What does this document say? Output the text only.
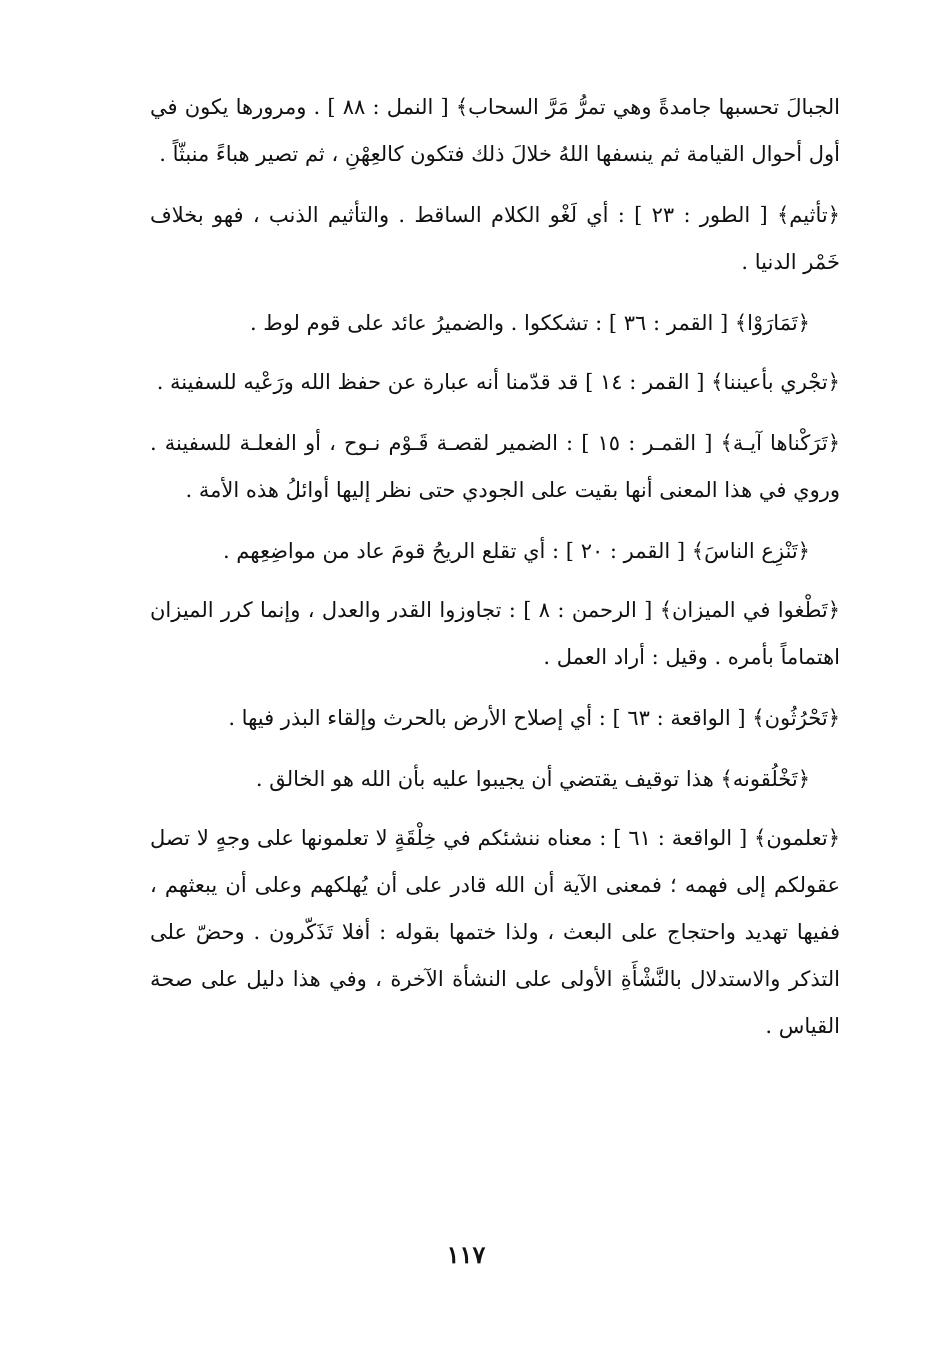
الجبالَ تحسبها جامدةً وهي تمرُّ مَرَّ السحاب﴾ [ النمل : ٨٨ ] . ومرورها يكون في أول أحوال القيامة ثم ينسفها اللهُ خلالَ ذلك فتكون كالعِهْنِ ، ثم تصير هباءً منبثّاً .

﴿تأثيم﴾ [ الطور : ٢٣ ] : أي لَغْو الكلام الساقط . والتأثيم الذنب ، فهو بخلاف خَمْر الدنيا .

﴿تَمَارَوْا﴾ [ القمر : ٣٦ ] : تشككوا . والضميرُ عائد على قوم لوط .

﴿تجْري بأعيننا﴾ [ القمر : ١٤ ] قد قدّمنا أنه عبارة عن حفظ الله ورَعْيه للسفينة .

﴿تَرَكْناها آيـة﴾ [ القمـر : ١٥ ] : الضمير لقصـة قَـوْم نـوح ، أو الفعلـة للسفينة . وروي في هذا المعنى أنها بقيت على الجودي حتى نظر إليها أوائلُ هذه الأمة .

﴿تَنْزِع الناسَ﴾ [ القمر : ٢٠ ] : أي تقلع الريحُ قومَ عاد من مواضِعِهم .

﴿تَطْغوا في الميزان﴾ [ الرحمن : ٨ ] : تجاوزوا القدر والعدل ، وإنما كرر الميزان اهتماماً بأمره . وقيل : أراد العمل .

﴿تَحْرُثُون﴾ [ الواقعة : ٦٣ ] : أي إصلاح الأرض بالحرث وإلقاء البذر فيها .

﴿تَخْلُقونه﴾ هذا توقيف يقتضي أن يجيبوا عليه بأن الله هو الخالق .

﴿تعلمون﴾ [ الواقعة : ٦١ ] : معناه ننشئكم في خِلْقَةٍ لا تعلمونها على وجهٍ لا تصل عقولكم إلى فهمه ؛ فمعنى الآية أن الله قادر على أن يُهلكهم وعلى أن يبعثهم ، ففيها تهديد واحتجاج على البعث ، ولذا ختمها بقوله : أفلا تَذَكّرون . وحضّ على التذكر والاستدلال بالنَّشْأَةِ الأولى على النشأة الآخرة ، وفي هذا دليل على صحة القياس .

١١٧
